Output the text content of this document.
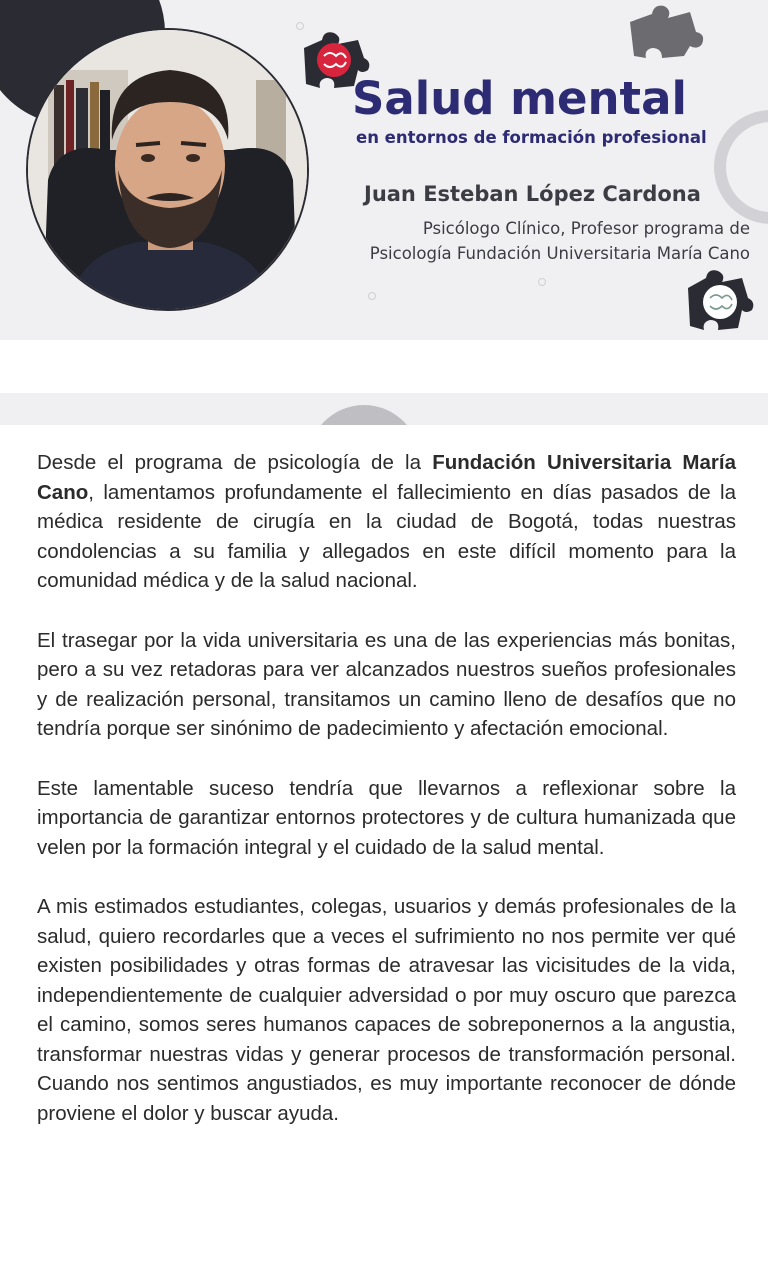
Salud mental
en entornos de formación profesional
Juan Esteban López Cardona
Psicólogo Clínico, Profesor programa de
Psicología Fundación Universitaria María Cano

Desde el programa de psicología de la Fundación Universitaria María Cano, lamentamos profundamente el fallecimiento en días pasados de la médica residente de cirugía en la ciudad de Bogotá, todas nuestras condolencias a su familia y allegados en este difícil momento para la comunidad médica y de la salud nacional.

El trasegar por la vida universitaria es una de las experiencias más bonitas, pero a su vez retadoras para ver alcanzados nuestros sueños profesionales y de realización personal, transitamos un camino lleno de desafíos que no tendría porque ser sinónimo de padecimiento y afectación emocional.

Este lamentable suceso tendría que llevarnos a reflexionar sobre la importancia de garantizar entornos protectores y de cultura humanizada que velen por la formación integral y el cuidado de la salud mental.

A mis estimados estudiantes, colegas, usuarios y demás profesionales de la salud, quiero recordarles que a veces el sufrimiento no nos permite ver qué existen posibilidades y otras formas de atravesar las vicisitudes de la vida, independientemente de cualquier adversidad o por muy oscuro que parezca el camino, somos seres humanos capaces de sobreponernos a la angustia, transformar nuestras vidas y generar procesos de transformación personal. Cuando nos sentimos angustiados, es muy importante reconocer de dónde proviene el dolor y buscar ayuda.
